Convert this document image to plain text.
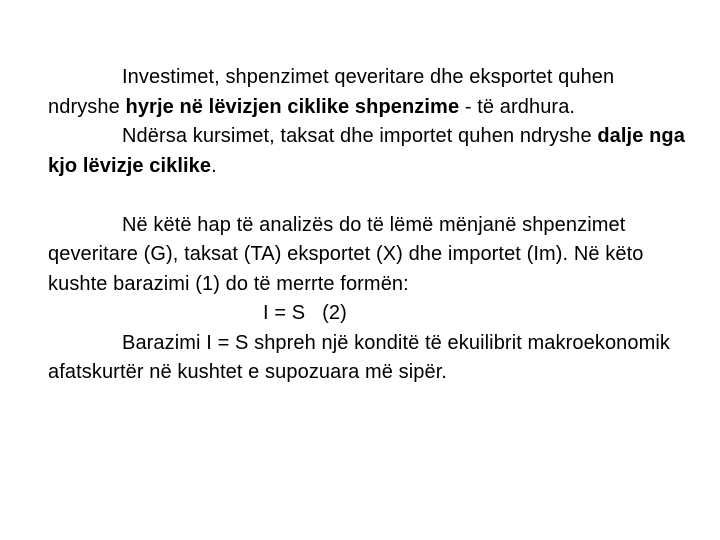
Investimet, shpenzimet qeveritare dhe eksportet quhen ndryshe hyrje në lëvizjen ciklike shpenzime - të ardhura.

Ndërsa kursimet, taksat dhe importet quhen ndryshe dalje nga kjo lëvizje ciklike.

Në këtë hap të analizës do të lëmë mënjanë shpenzimet qeveritare (G), taksat (TA) eksportet (X) dhe importet (Im). Në këto kushte barazimi (1) do të merrte formën:

I = S   (2)

Barazimi I = S shpreh një konditë të ekuilibrit makroekonomik afatskurtër në kushtet e supozuara më sipër.
